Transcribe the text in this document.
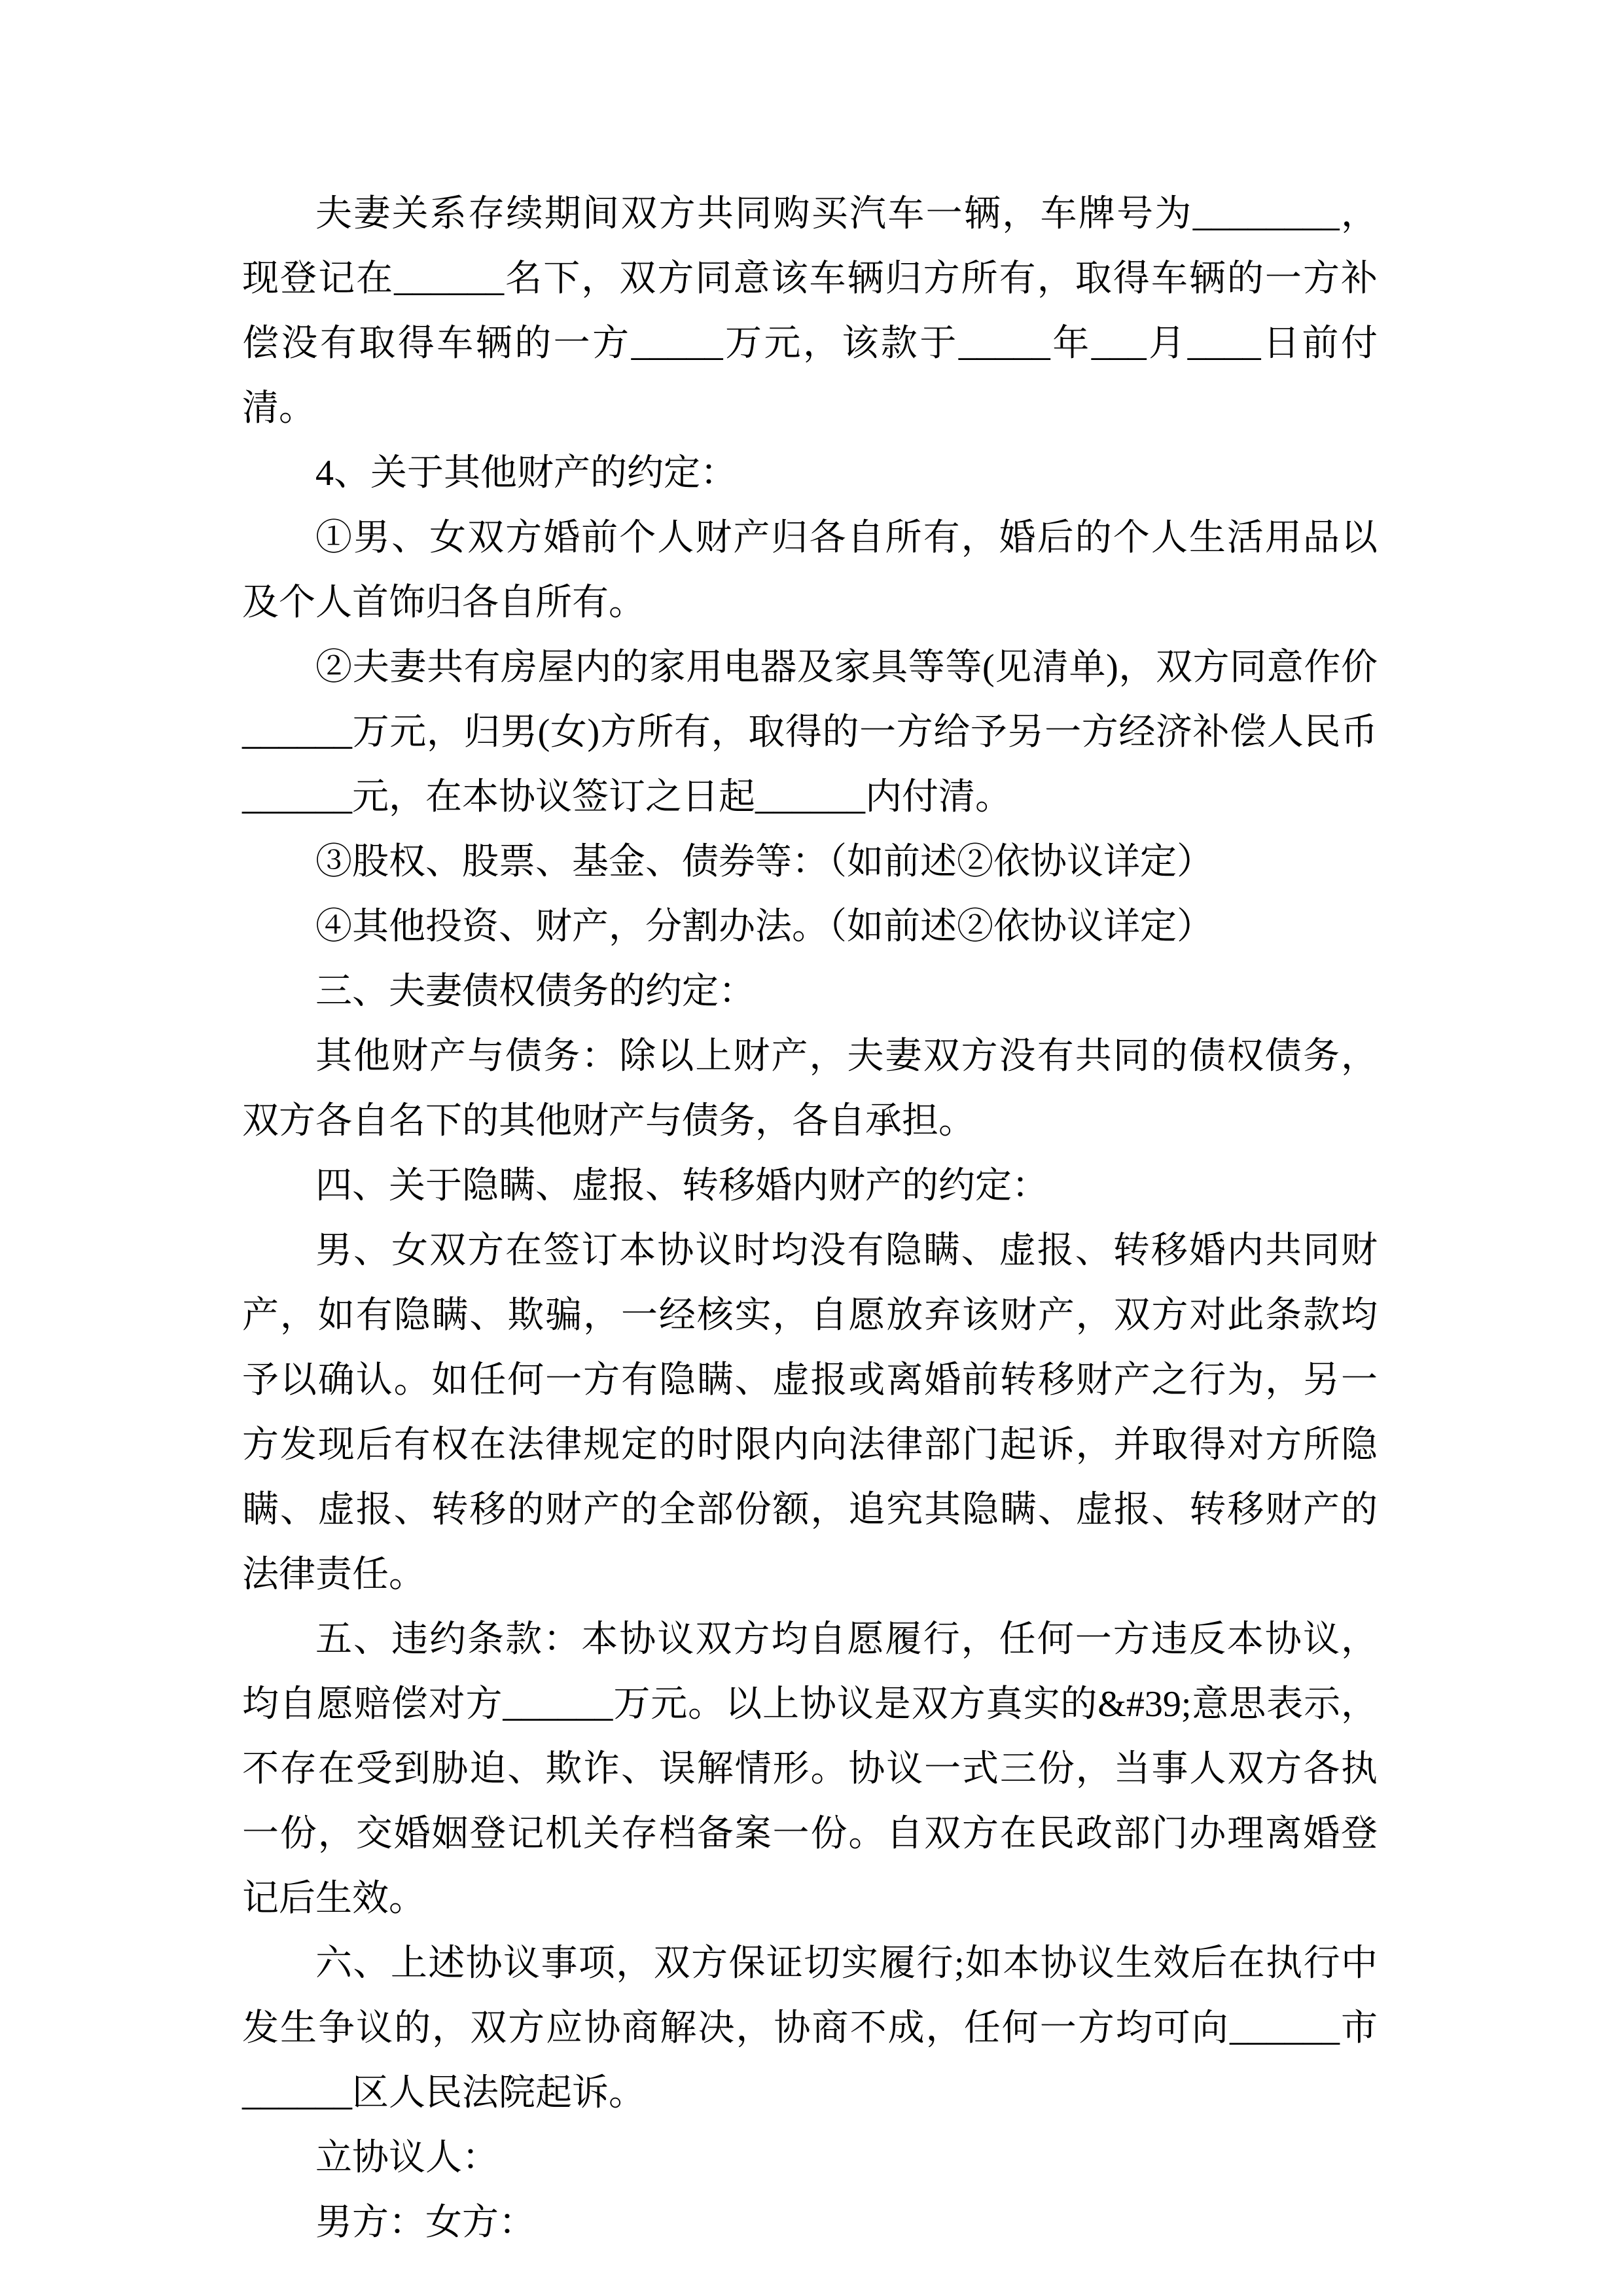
夫妻关系存续期间双方共同购买汽车一辆，车牌号为________，现登记在______名下，双方同意该车辆归方所有，取得车辆的一方补偿没有取得车辆的一方_____万元，该款于_____年___月____日前付清。

4、关于其他财产的约定：

①男、女双方婚前个人财产归各自所有，婚后的个人生活用品以及个人首饰归各自所有。

②夫妻共有房屋内的家用电器及家具等等(见清单)，双方同意作价______万元，归男(女)方所有，取得的一方给予另一方经济补偿人民币______元，在本协议签订之日起______内付清。

③股权、股票、基金、债券等：（如前述②依协议详定）

④其他投资、财产，分割办法。（如前述②依协议详定）

三、夫妻债权债务的约定：

其他财产与债务：除以上财产，夫妻双方没有共同的债权债务，双方各自名下的其他财产与债务，各自承担。

四、关于隐瞒、虚报、转移婚内财产的约定：

男、女双方在签订本协议时均没有隐瞒、虚报、转移婚内共同财产，如有隐瞒、欺骗，一经核实，自愿放弃该财产，双方对此条款均予以确认。如任何一方有隐瞒、虚报或离婚前转移财产之行为，另一方发现后有权在法律规定的时限内向法律部门起诉，并取得对方所隐瞒、虚报、转移的财产的全部份额，追究其隐瞒、虚报、转移财产的法律责任。

五、违约条款：本协议双方均自愿履行，任何一方违反本协议，均自愿赔偿对方______万元。以上协议是双方真实的&#39;意思表示，不存在受到胁迫、欺诈、误解情形。协议一式三份，当事人双方各执一份，交婚姻登记机关存档备案一份。自双方在民政部门办理离婚登记后生效。

六、上述协议事项，双方保证切实履行;如本协议生效后在执行中发生争议的，双方应协商解决，协商不成，任何一方均可向______市______区人民法院起诉。

立协议人：

男方：女方：
